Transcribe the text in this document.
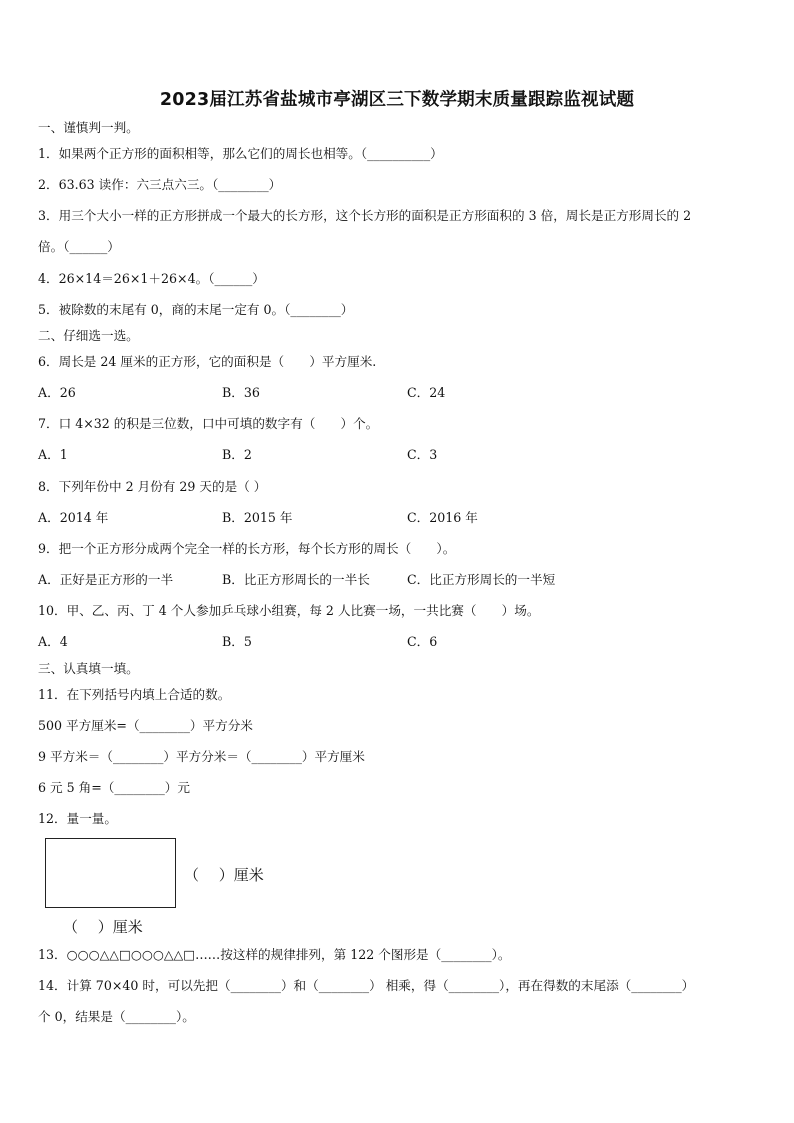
2023届江苏省盐城市亭湖区三下数学期末质量跟踪监视试题
一、谨慎判一判。
1．如果两个正方形的面积相等，那么它们的周长也相等。（__________）
2．63.63 读作：六三点六三。（________）
3．用三个大小一样的正方形拼成一个最大的长方形，这个长方形的面积是正方形面积的 3 倍，周长是正方形周长的 2
倍。（______）
4．26×14＝26×1＋26×4。（______）
5．被除数的末尾有 0，商的末尾一定有 0。（________）
二、仔细选一选。
6．周长是 24 厘米的正方形，它的面积是（　　）平方厘米.
A．26	B．36	C．24
7．口 4×32 的积是三位数，口中可填的数字有（　　）个。
A．1	B．2	C．3
8．下列年份中 2 月份有 29 天的是（ ）
A．2014 年	B．2015 年	C．2016 年
9．把一个正方形分成两个完全一样的长方形，每个长方形的周长（　　）。
A．正好是正方形的一半	B．比正方形周长的一半长	C．比正方形周长的一半短
10．甲、乙、丙、丁 4 个人参加乒乓球小组赛，每 2 人比赛一场，一共比赛（　　）场。
A．4	B．5	C．6
三、认真填一填。
11．在下列括号内填上合适的数。
500 平方厘米=（________）平方分米
9 平方米＝（________）平方分米＝（________）平方厘米
6 元 5 角=（________）元
12．量一量。
（　 ）厘米
（　 ）厘米
13．○○○△△□○○○△△□……按这样的规律排列，第 122 个图形是（________）。
14．计算 70×40 时，可以先把（________）和（________） 相乘，得（________），再在得数的末尾添（________）
个 0，结果是（________）。
